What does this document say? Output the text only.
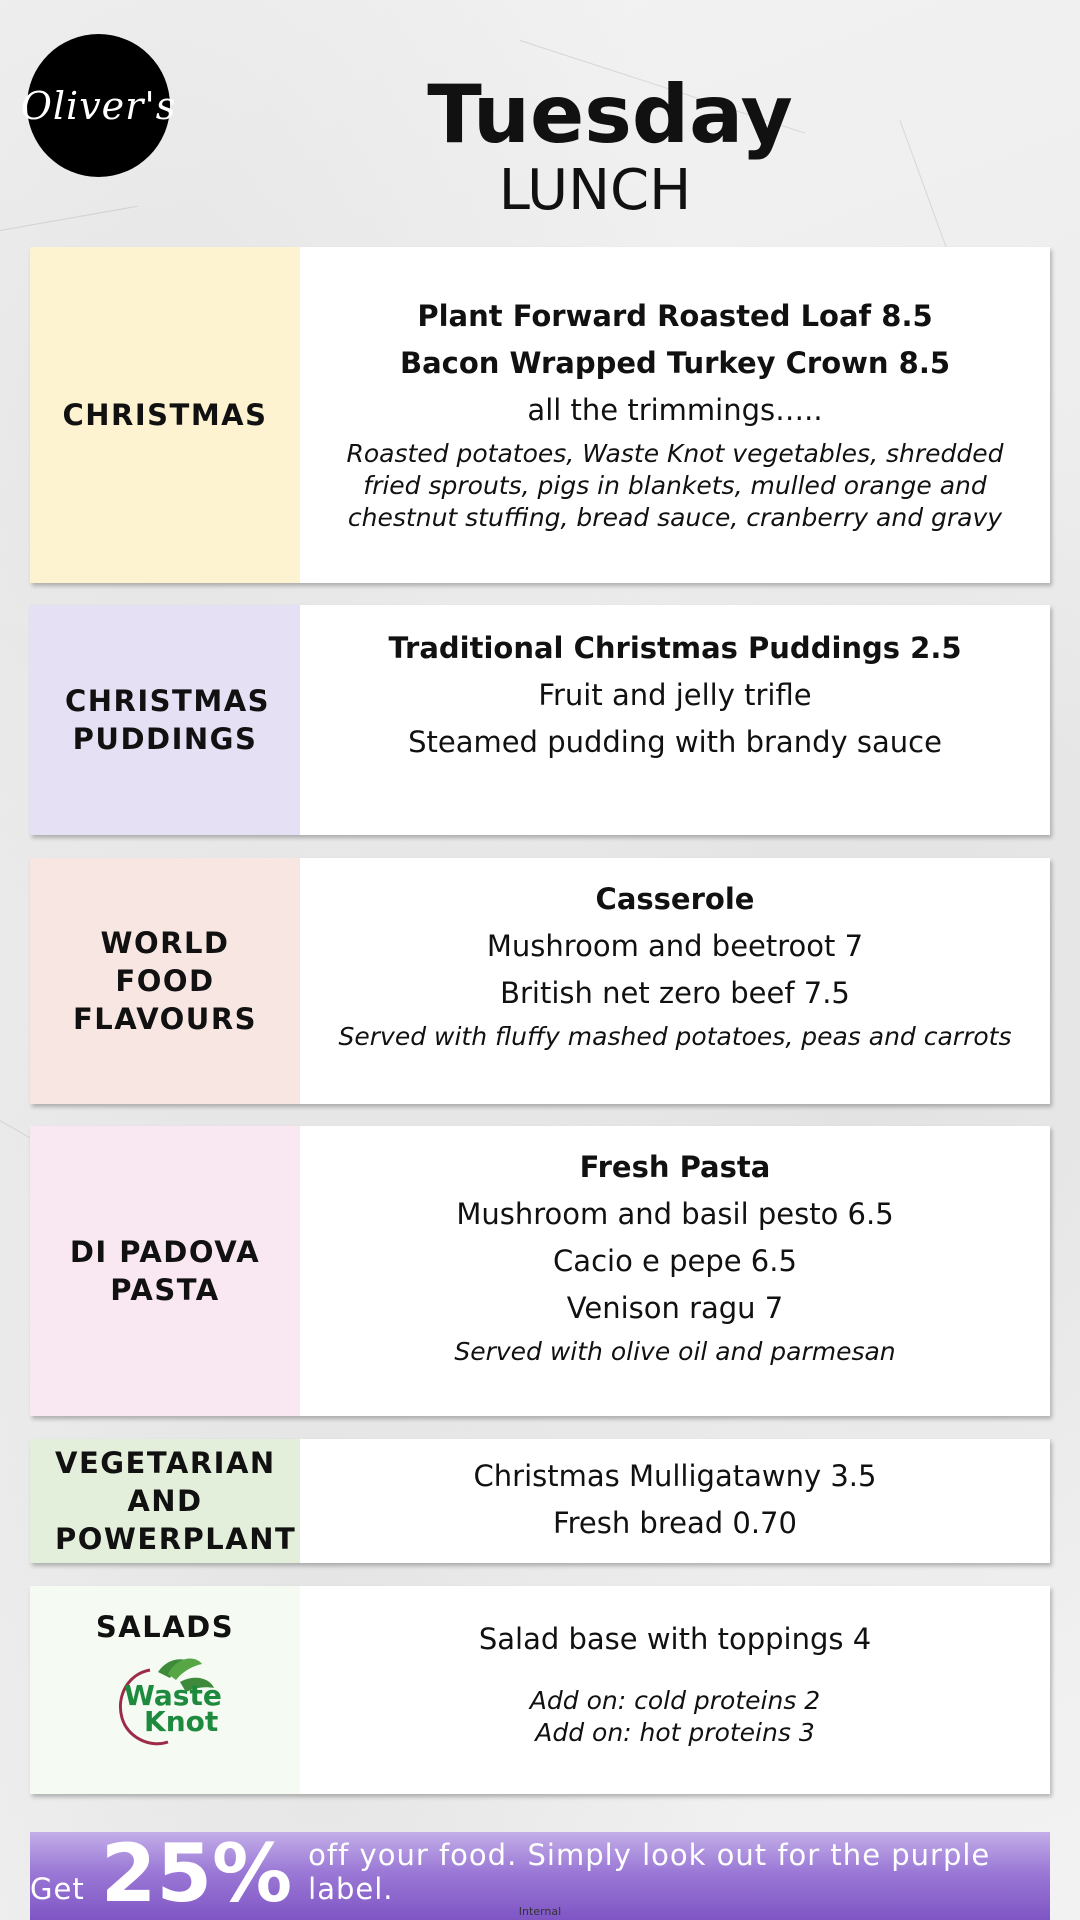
Oliver's	Tuesday
LUNCH
CHRISTMAS
Plant Forward Roasted Loaf 8.5
Bacon Wrapped Turkey Crown 8.5
all the trimmings…..
Roasted potatoes, Waste Knot vegetables, shredded fried sprouts, pigs in blankets, mulled orange and chestnut stuffing, bread sauce, cranberry and gravy
CHRISTMAS PUDDINGS
Traditional Christmas Puddings 2.5
Fruit and jelly trifle
Steamed pudding with brandy sauce
WORLD FOOD FLAVOURS
Casserole
Mushroom and beetroot 7
British net zero beef 7.5
Served with fluffy mashed potatoes, peas and carrots
DI PADOVA PASTA
Fresh Pasta
Mushroom and basil pesto 6.5
Cacio e pepe 6.5
Venison ragu 7
Served with olive oil and parmesan
VEGETARIAN AND POWERPLANT
Christmas Mulligatawny 3.5
Fresh bread 0.70
SALADS
Waste
Knot
Salad base with toppings 4
Add on: cold proteins 2
Add on: hot proteins 3
Get 25% off your food. Simply look out for the purple label.
Internal
